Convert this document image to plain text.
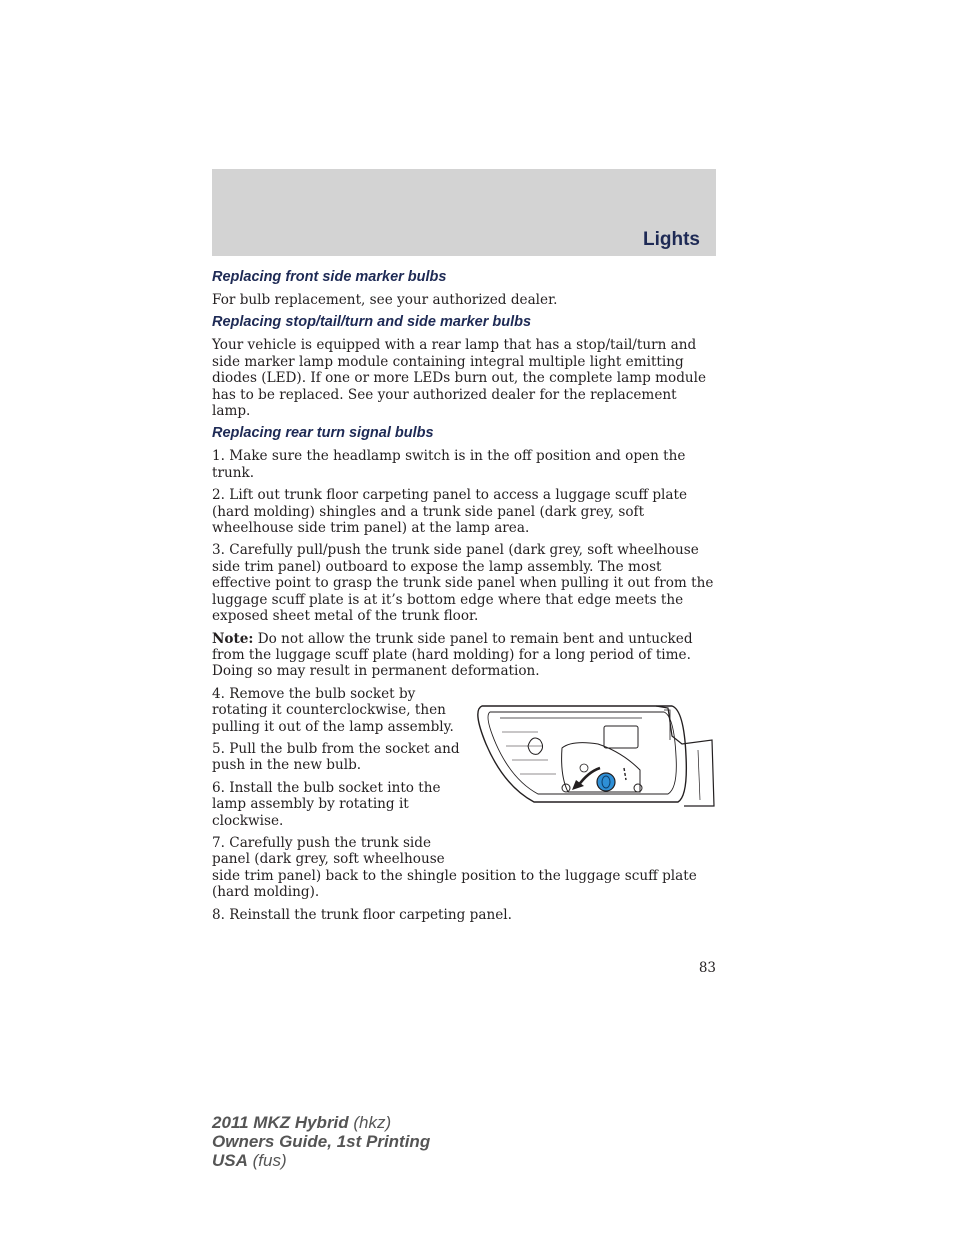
Lights
Replacing front side marker bulbs

For bulb replacement, see your authorized dealer.

Replacing stop/tail/turn and side marker bulbs

Your vehicle is equipped with a rear lamp that has a stop/tail/turn and side marker lamp module containing integral multiple light emitting diodes (LED). If one or more LEDs burn out, the complete lamp module has to be replaced. See your authorized dealer for the replacement lamp.

Replacing rear turn signal bulbs

1. Make sure the headlamp switch is in the off position and open the trunk.

2. Lift out trunk floor carpeting panel to access a luggage scuff plate (hard molding) shingles and a trunk side panel (dark grey, soft wheelhouse side trim panel) at the lamp area.

3. Carefully pull/push the trunk side panel (dark grey, soft wheelhouse side trim panel) outboard to expose the lamp assembly. The most effective point to grasp the trunk side panel when pulling it out from the luggage scuff plate is at it’s bottom edge where that edge meets the exposed sheet metal of the trunk floor.

Note: Do not allow the trunk side panel to remain bent and untucked from the luggage scuff plate (hard molding) for a long period of time. Doing so may result in permanent deformation.

4. Remove the bulb socket by rotating it counterclockwise, then pulling it out of the lamp assembly.

5. Pull the bulb from the socket and push in the new bulb.

6. Install the bulb socket into the lamp assembly by rotating it clockwise.

7. Carefully push the trunk side panel (dark grey, soft wheelhouse
side trim panel) back to the shingle position to the luggage scuff plate (hard molding).

8. Reinstall the trunk floor carpeting panel.

83
2011 MKZ Hybrid (hkz)
Owners Guide, 1st Printing
USA (fus)
